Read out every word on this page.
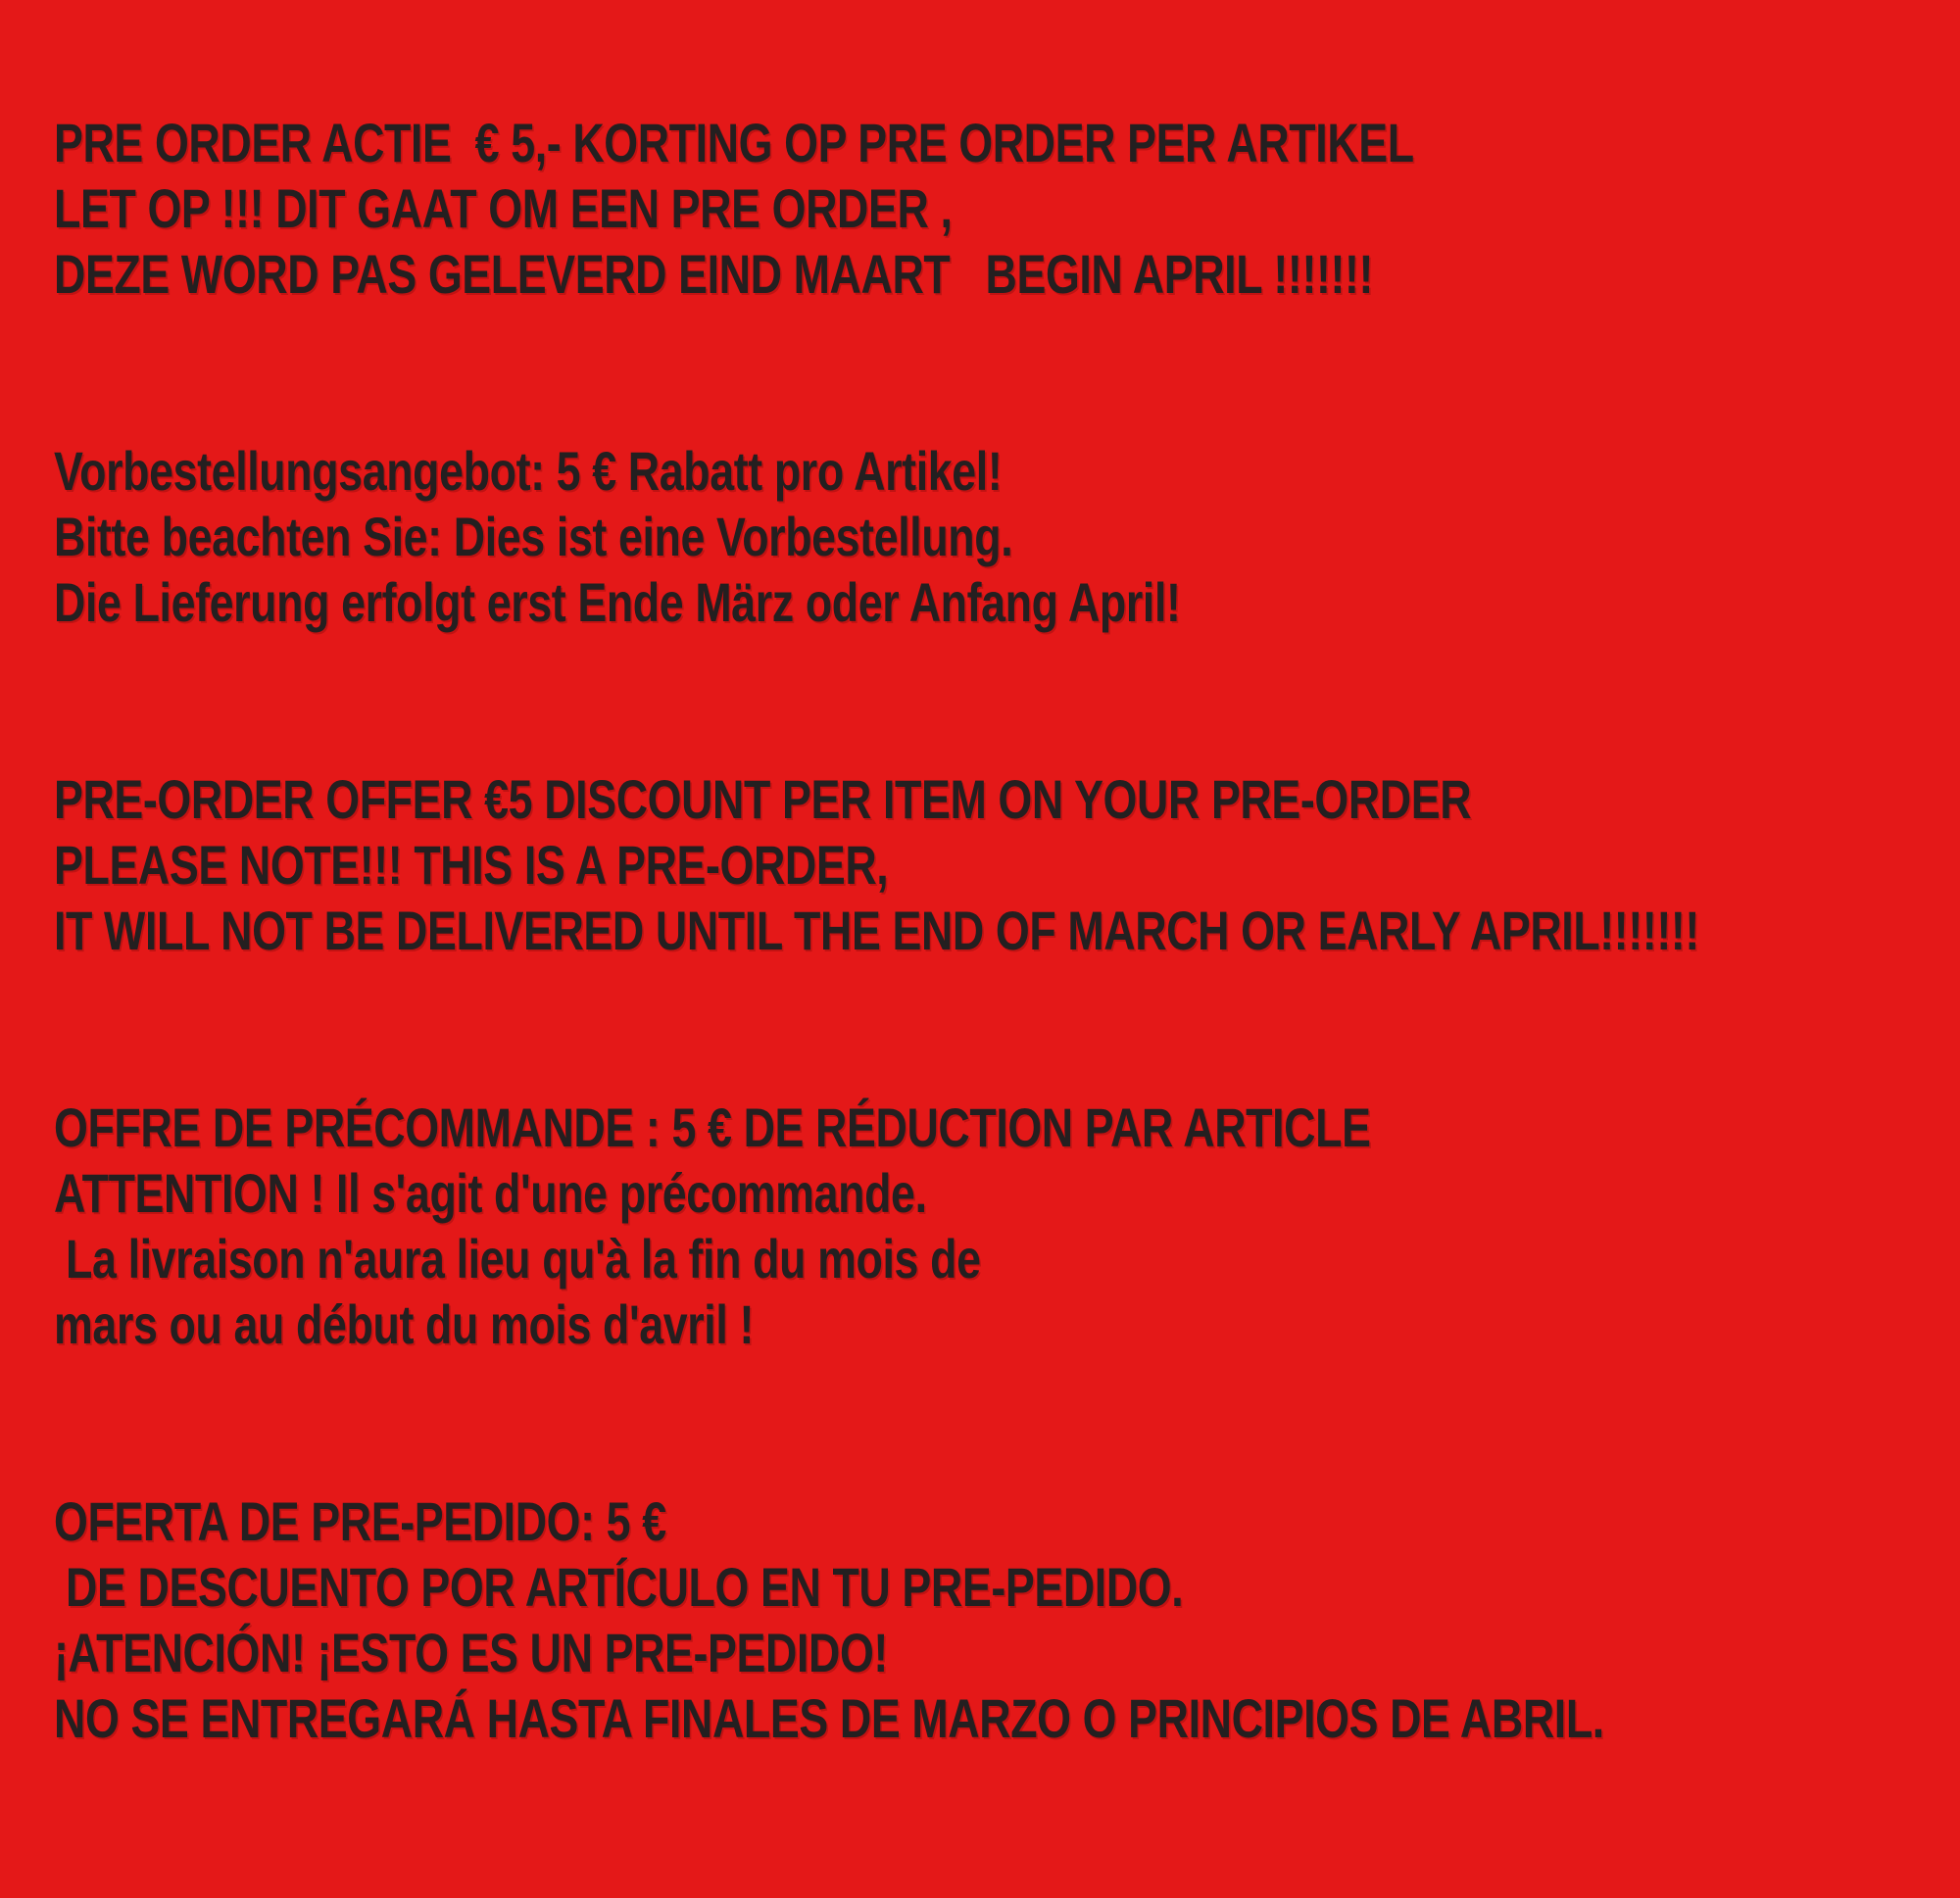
PRE ORDER ACTIE  € 5,- KORTING OP PRE ORDER PER ARTIKEL
LET OP !!! DIT GAAT OM EEN PRE ORDER ,
DEZE WORD PAS GELEVERD EIND MAART   BEGIN APRIL !!!!!!!
Vorbestellungsangebot: 5 € Rabatt pro Artikel!
Bitte beachten Sie: Dies ist eine Vorbestellung.
Die Lieferung erfolgt erst Ende März oder Anfang April!
PRE-ORDER OFFER €5 DISCOUNT PER ITEM ON YOUR PRE-ORDER
PLEASE NOTE!!! THIS IS A PRE-ORDER,
IT WILL NOT BE DELIVERED UNTIL THE END OF MARCH OR EARLY APRIL!!!!!!!
OFFRE DE PRÉCOMMANDE : 5 € DE RÉDUCTION PAR ARTICLE
ATTENTION ! Il s'agit d'une précommande.
La livraison n'aura lieu qu'à la fin du mois de
mars ou au début du mois d'avril !
OFERTA DE PRE-PEDIDO: 5 €
DE DESCUENTO POR ARTÍCULO EN TU PRE-PEDIDO.
¡ATENCIÓN! ¡ESTO ES UN PRE-PEDIDO!
NO SE ENTREGARÁ HASTA FINALES DE MARZO O PRINCIPIOS DE ABRIL.
